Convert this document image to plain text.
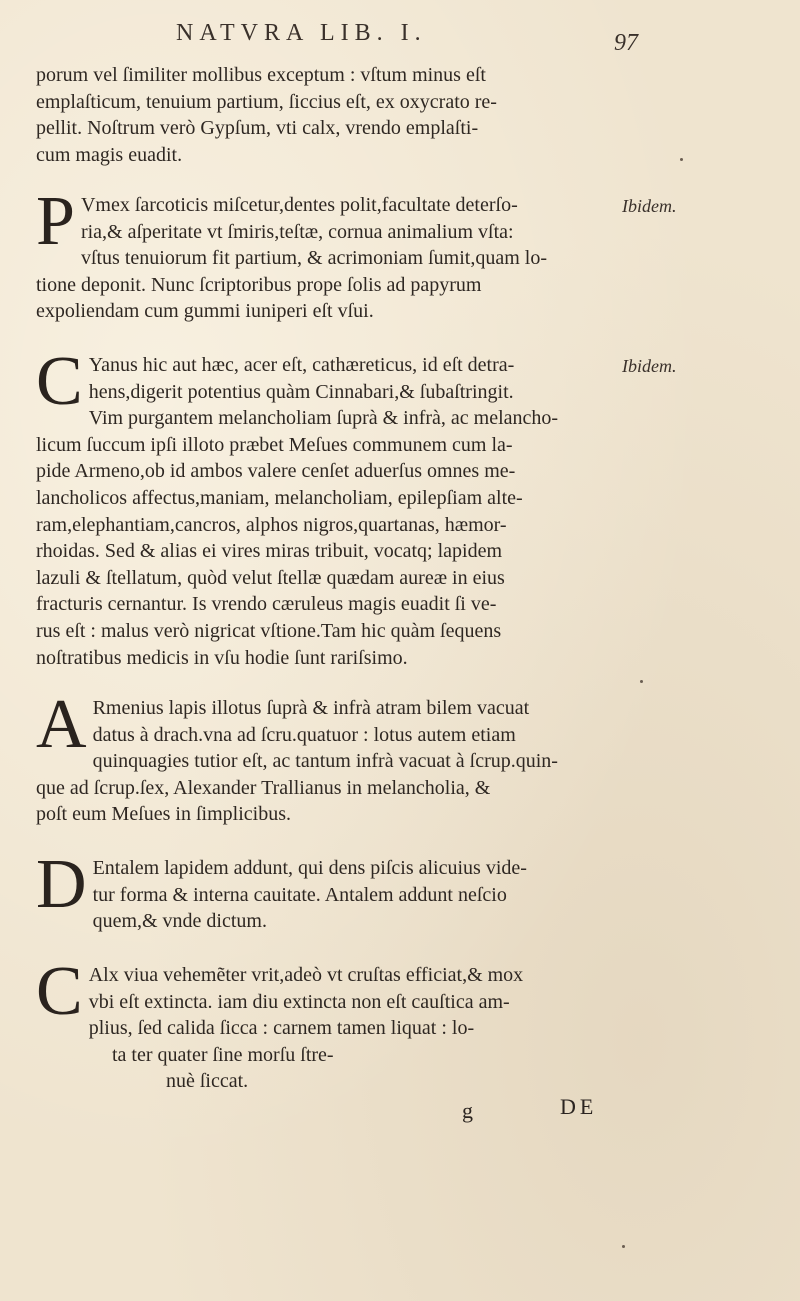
NATVRA LIB. I.	97
porum vel ſimiliter mollibus exceptum : vſtum minus eſt
emplaſticum, tenuium partium, ſiccius eſt, ex oxycrato re-
pellit. Noſtrum verò Gypſum, vti calx, vrendo emplaſti-
cum magis euadit.
P Vmex ſarcoticis miſcetur,dentes polit,facultate deterſo-
ria,& aſperitate vt ſmiris,teſtæ, cornua animalium vſta:
vſtus tenuiorum fit partium, & acrimoniam ſumit,quam lo-
tione deponit. Nunc ſcriptoribus prope ſolis ad papyrum
expoliendam cum gummi iuniperi eſt vſui.
Ibidem.
C Yanus hic aut hæc, acer eſt, cathæreticus, id eſt detra-
hens,digerit potentius quàm Cinnabari,& ſubaſtringit.
Vim purgantem melancholiam ſuprà & infrà, ac melancho-
licum ſuccum ipſi illoto præbet Meſues communem cum la-
pide Armeno,ob id ambos valere cenſet aduerſus omnes me-
lancholicos affectus,maniam, melancholiam, epilepſiam alte-
ram,elephantiam,cancros, alphos nigros,quartanas, hæmor-
rhoidas. Sed & alias ei vires miras tribuit, vocatq; lapidem
lazuli & ſtellatum, quòd velut ſtellæ quædam aureæ in eius
fracturis cernantur. Is vrendo cæruleus magis euadit ſi ve-
rus eſt : malus verò nigricat vſtione.Tam hic quàm ſequens
noſtratibus medicis in vſu hodie ſunt rariſsimo.
Ibidem.
A Rmenius lapis illotus ſuprà & infrà atram bilem vacuat
datus à drach.vna ad ſcru.quatuor : lotus autem etiam
quinquagies tutior eſt, ac tantum infrà vacuat à ſcrup.quin-
que ad ſcrup.ſex, Alexander Trallianus in melancholia, &
poſt eum Meſues in ſimplicibus.
D Entalem lapidem addunt, qui dens piſcis alicuius vide-
tur forma & interna cauitate. Antalem addunt neſcio
quem,& vnde dictum.
C Alx viua vehemẽter vrit,adeò vt cruſtas efficiat,& mox
vbi eſt extincta. iam diu extincta non eſt cauſtica am-

plius, ſed calida ſicca : carnem tamen liquat : lo-
ta ter quater ſine morſu ſtre-
nuè ſiccat.
g	DE
